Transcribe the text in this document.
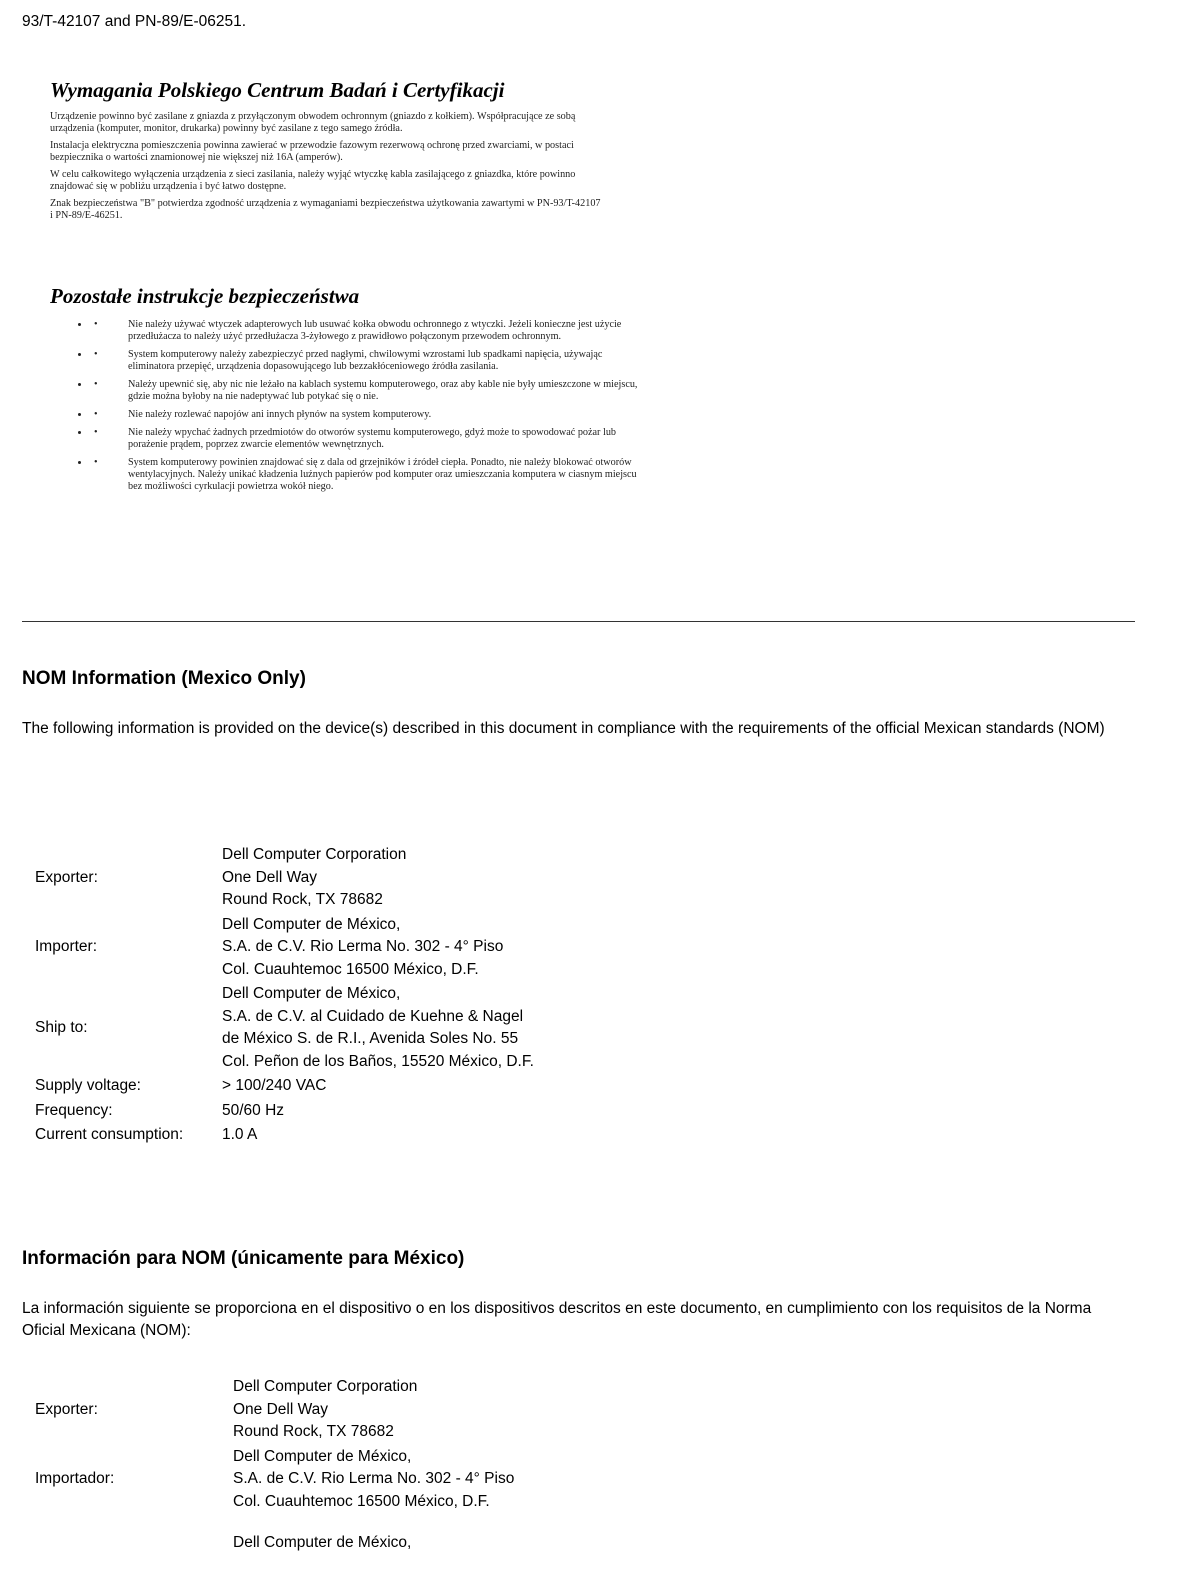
93/T-42107 and PN-89/E-06251.
Wymagania Polskiego Centrum Badań i Certyfikacji

Urządzenie powinno być zasilane z gniazda z przyłączonym obwodem ochronnym (gniazdo z kołkiem). Współpracujące ze sobą urządzenia (komputer, monitor, drukarka) powinny być zasilane z tego samego źródła.

Instalacja elektryczna pomieszczenia powinna zawierać w przewodzie fazowym rezerwową ochronę przed zwarciami, w postaci bezpiecznika o wartości znamionowej nie większej niż 16A (amperów).

W celu całkowitego wyłączenia urządzenia z sieci zasilania, należy wyjąć wtyczkę kabla zasilającego z gniazdka, które powinno znajdować się w pobliżu urządzenia i być łatwo dostępne.

Znak bezpieczeństwa "B" potwierdza zgodność urządzenia z wymaganiami bezpieczeństwa użytkowania zawartymi w PN-93/T-42107 i PN-89/E-46251.

Pozostałe instrukcje bezpieczeństwa
• •	Nie należy używać wtyczek adapterowych lub usuwać kołka obwodu ochronnego z wtyczki. Jeżeli konieczne jest użycie przedłużacza to należy użyć przedłużacza 3-żyłowego z prawidłowo połączonym przewodem ochronnym.
• •	System komputerowy należy zabezpieczyć przed nagłymi, chwilowymi wzrostami lub spadkami napięcia, używając eliminatora przepięć, urządzenia dopasowującego lub bezzakłóceniowego źródła zasilania.
• •	Należy upewnić się, aby nic nie leżało na kablach systemu komputerowego, oraz aby kable nie były umieszczone w miejscu, gdzie można byłoby na nie nadeptywać lub potykać się o nie.
• •	Nie należy rozlewać napojów ani innych płynów na system komputerowy.
• •	Nie należy wpychać żadnych przedmiotów do otworów systemu komputerowego, gdyż może to spowodować pożar lub porażenie prądem, poprzez zwarcie elementów wewnętrznych.
• •	System komputerowy powinien znajdować się z dala od grzejników i źródeł ciepła. Ponadto, nie należy blokować otworów wentylacyjnych. Należy unikać kładzenia luźnych papierów pod komputer oraz umieszczania komputera w ciasnym miejscu bez możliwości cyrkulacji powietrza wokół niego.
NOM Information (Mexico Only)
The following information is provided on the device(s) described in this document in compliance with the requirements of the official Mexican standards (NOM)
Exporter:	Dell Computer Corporation
One Dell Way
Round Rock, TX 78682

Importer:	Dell Computer de México,
S.A. de C.V. Rio Lerma No. 302 - 4° Piso
Col. Cuauhtemoc 16500 México, D.F.

Ship to:	Dell Computer de México,
S.A. de C.V. al Cuidado de Kuehne & Nagel
de México S. de R.I., Avenida Soles No. 55
Col. Peñon de los Baños, 15520 México, D.F.

Supply voltage:	> 100/240 VAC

Frequency:	50/60 Hz

Current consumption:	1.0 A
Información para NOM (únicamente para México)
La información siguiente se proporciona en el dispositivo o en los dispositivos descritos en este documento, en cumplimiento con los requisitos de la Norma Oficial Mexicana (NOM):
Exporter:	Dell Computer Corporation
One Dell Way
Round Rock, TX 78682

Importador:	Dell Computer de México,
S.A. de C.V. Rio Lerma No. 302 - 4° Piso
Col. Cuauhtemoc 16500 México, D.F.
Dell Computer de México,
